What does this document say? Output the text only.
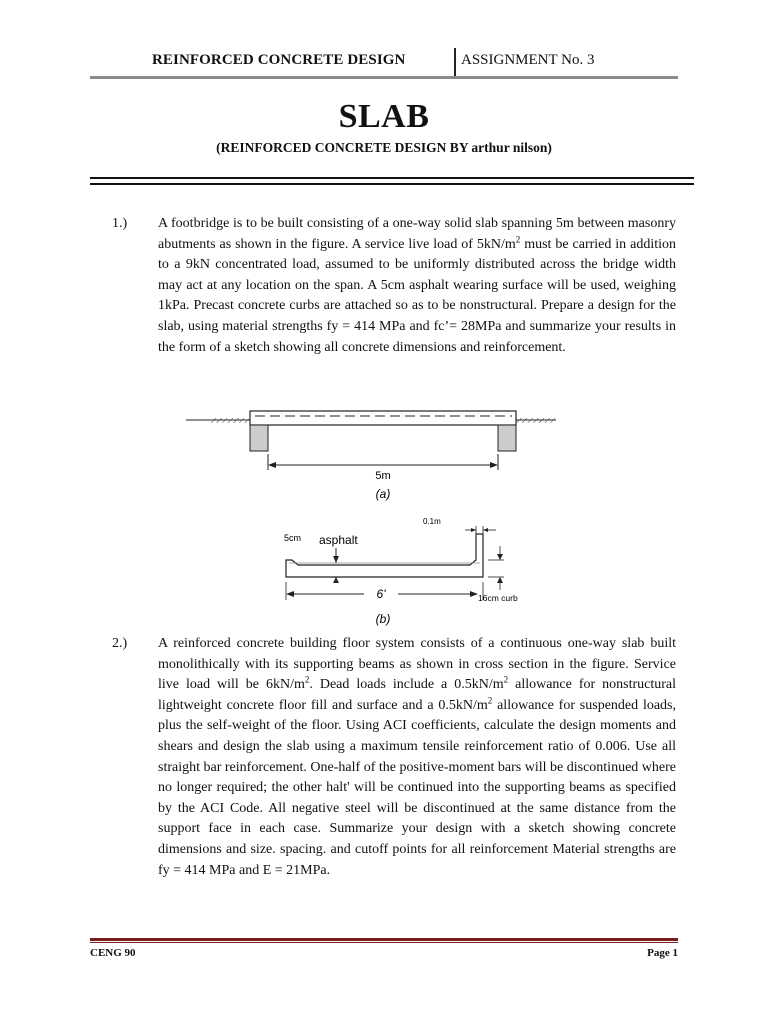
REINFORCED CONCRETE DESIGN	ASSIGNMENT No. 3
SLAB
(REINFORCED CONCRETE DESIGN BY arthur nilson)
1.) A footbridge is to be built consisting of a one-way solid slab spanning 5m between masonry abutments as shown in the figure. A service live load of $5kN/m^2$ must be carried in addition to a 9kN concentrated load, assumed to be uniformly distributed across the bridge width may act at any location on the span. A 5cm asphalt wearing surface will be used, weighing 1kPa. Precast concrete curbs are attached so as to be nonstructural. Prepare a design for the slab, using material strengths fy = 414 MPa and fc’= 28MPa and summarize your results in the form of a sketch showing all concrete dimensions and reinforcement.
5m
(a)
5cm asphalt
0.1m
6'	16cm curb
(b)
2.) A reinforced concrete building floor system consists of a continuous one-way slab built monolithically with its supporting beams as shown in cross section in the figure. Service live load will be $6kN/m^2$. Dead loads include a $0.5kN/m^2$ allowance for nonstructural lightweight concrete floor fill and surface and a $0.5kN/m^2$ allowance for suspended loads, plus the self-weight of the floor. Using ACI coefficients, calculate the design moments and shears and design the slab using a maximum tensile reinforcement ratio of 0.006. Use all straight bar reinforcement. One-half of the positive-moment bars will be discontinued where no longer required; the other halt' will be continued into the supporting beams as specified by the ACI Code. All negative steel will be discontinued at the same distance from the support face in each case. Summarize your design with a sketch showing concrete dimensions and size. spacing. and cutoff points for all reinforcement Material strengths are fy = 414 MPa and E = 21MPa.
CENG 90	Page 1
